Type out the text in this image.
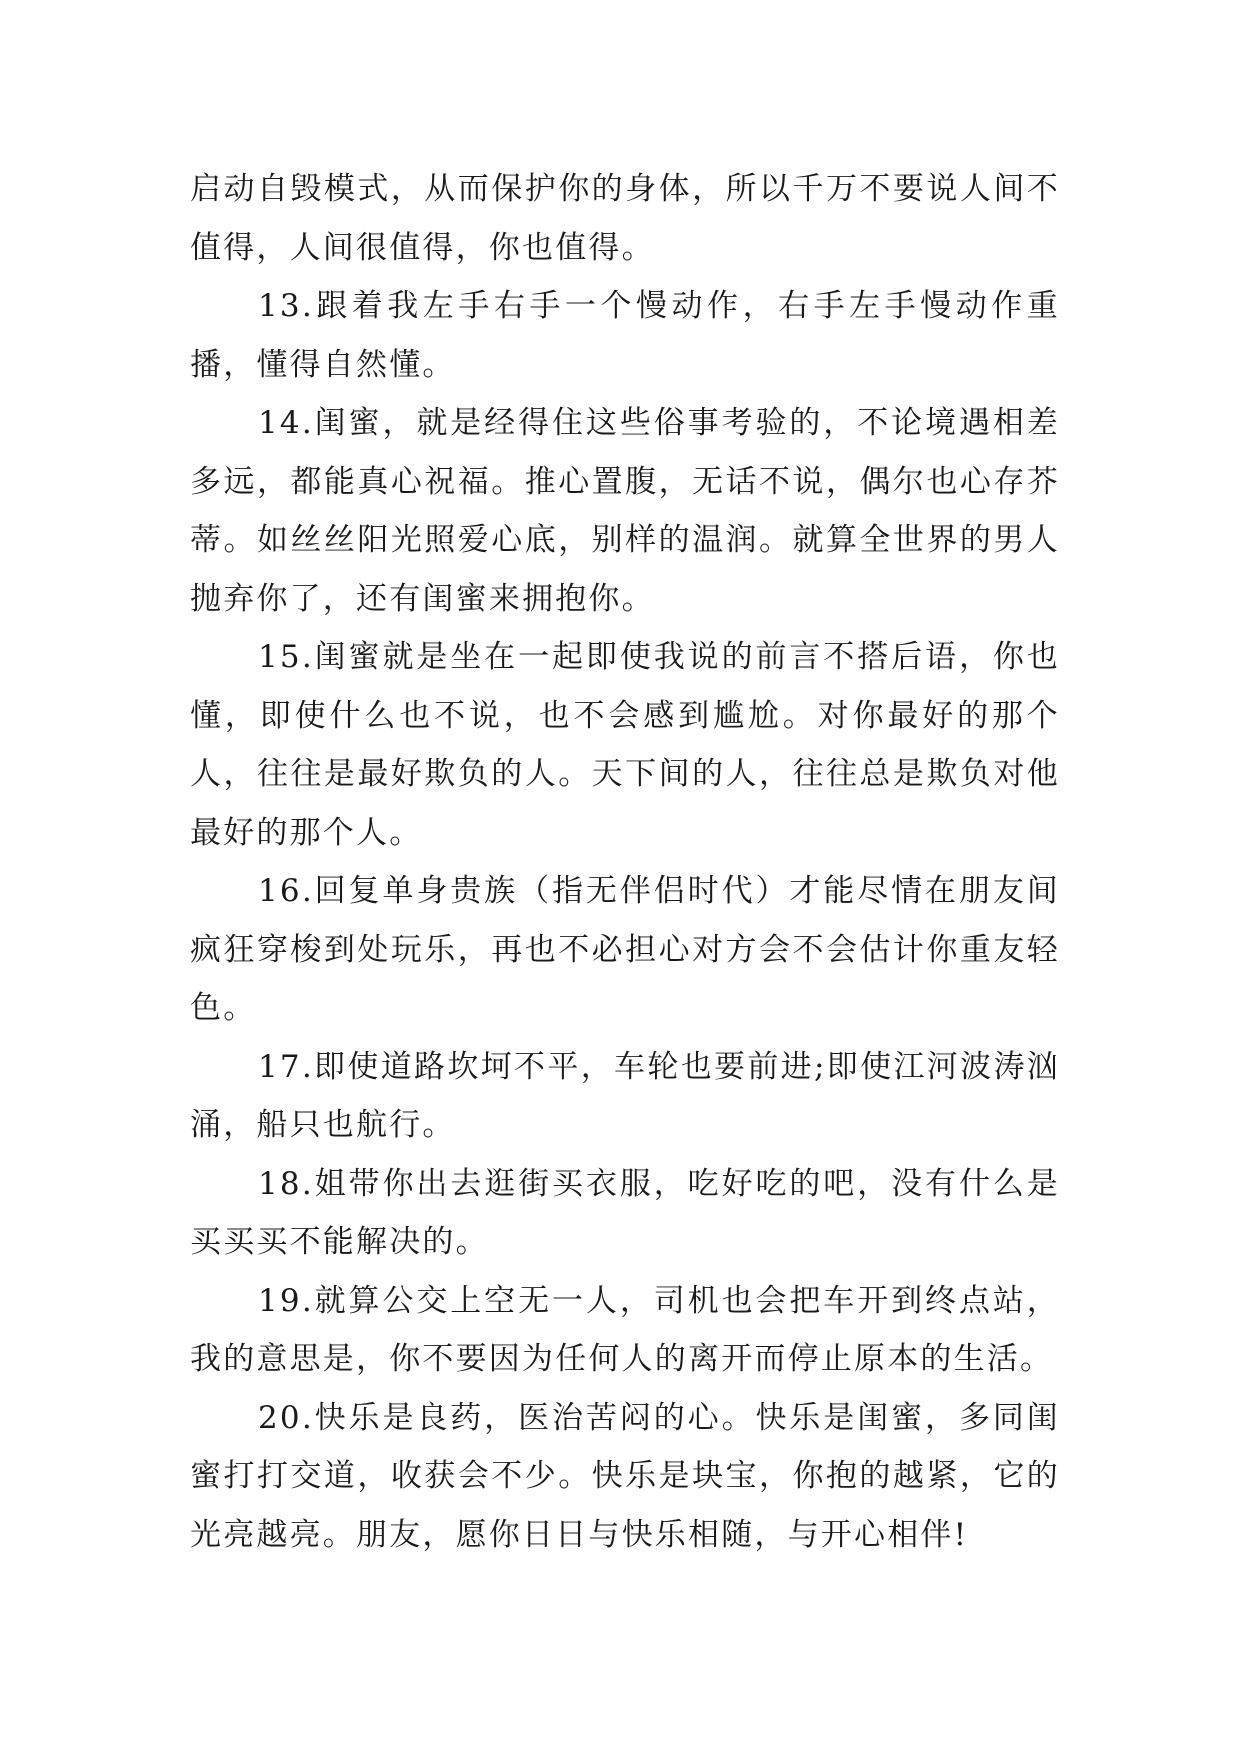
启动自毁模式，从而保护你的身体，所以千万不要说人间不值得，人间很值得，你也值得。

13.跟着我左手右手一个慢动作，右手左手慢动作重播，懂得自然懂。

14.闺蜜，就是经得住这些俗事考验的，不论境遇相差多远，都能真心祝福。推心置腹，无话不说，偶尔也心存芥蒂。如丝丝阳光照爱心底，别样的温润。就算全世界的男人抛弃你了，还有闺蜜来拥抱你。

15.闺蜜就是坐在一起即使我说的前言不搭后语，你也懂，即使什么也不说，也不会感到尴尬。对你最好的那个人，往往是最好欺负的人。天下间的人，往往总是欺负对他最好的那个人。

16.回复单身贵族（指无伴侣时代）才能尽情在朋友间疯狂穿梭到处玩乐，再也不必担心对方会不会估计你重友轻色。

17.即使道路坎坷不平，车轮也要前进;即使江河波涛汹涌，船只也航行。

18.姐带你出去逛街买衣服，吃好吃的吧，没有什么是买买买不能解决的。

19.就算公交上空无一人，司机也会把车开到终点站，我的意思是，你不要因为任何人的离开而停止原本的生活。

20.快乐是良药，医治苦闷的心。快乐是闺蜜，多同闺蜜打打交道，收获会不少。快乐是块宝，你抱的越紧，它的光亮越亮。朋友，愿你日日与快乐相随，与开心相伴!
